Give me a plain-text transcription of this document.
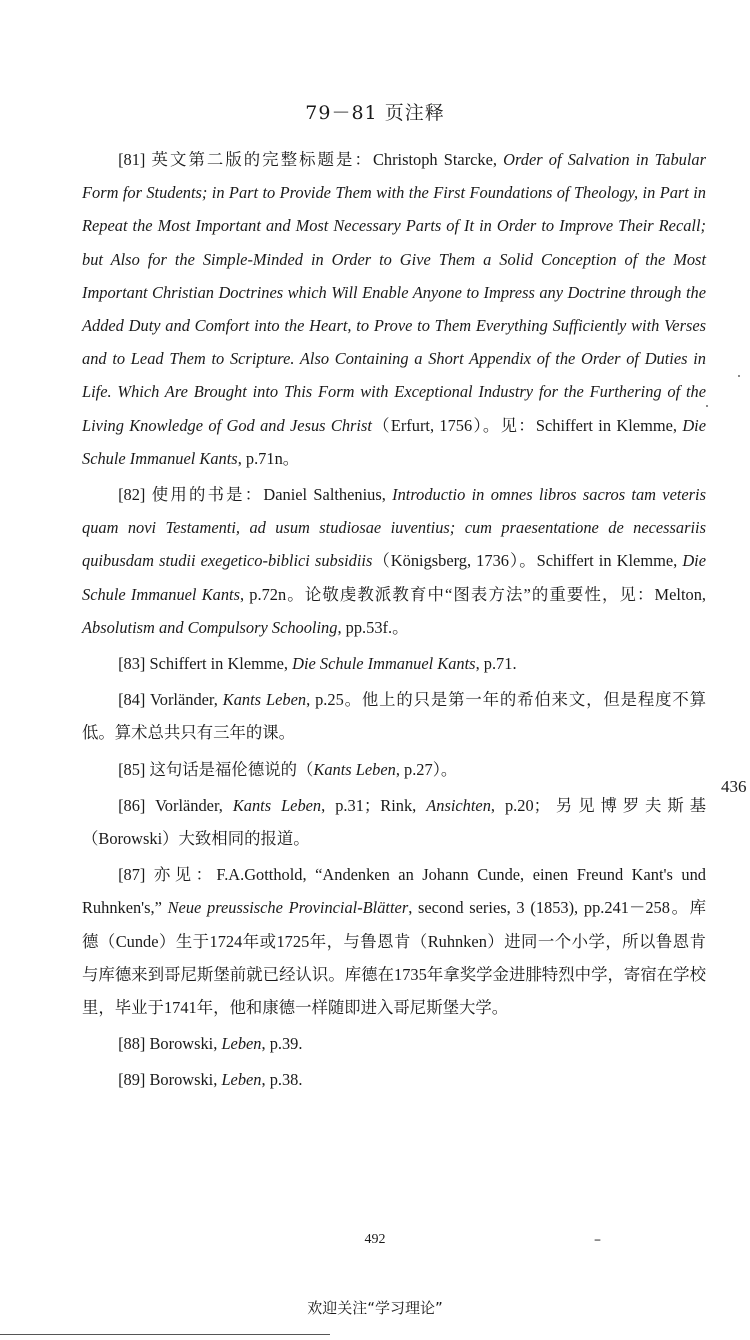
79－81 页注释

[81] 英文第二版的完整标题是：Christoph Starcke, Order of Salvation in Tabular Form for Students; in Part to Provide Them with the First Foundations of Theology, in Part in Repeat the Most Important and Most Necessary Parts of It in Order to Improve Their Recall; but Also for the Simple-Minded in Order to Give Them a Solid Conception of the Most Important Christian Doctrines which Will Enable Anyone to Impress any Doctrine through the Added Duty and Comfort into the Heart, to Prove to Them Everything Sufficiently with Verses and to Lead Them to Scripture. Also Containing a Short Appendix of the Order of Duties in Life. Which Are Brought into This Form with Exceptional Industry for the Furthering of the Living Knowledge of God and Jesus Christ（Erfurt, 1756）。见：Schiffert in Klemme, Die Schule Immanuel Kants, p.71n。

[82] 使用的书是：Daniel Salthenius, Introductio in omnes libros sacros tam veteris quam novi Testamenti, ad usum studiosae iuventius; cum praesentatione de necessariis quibusdam studii exegetico-biblici subsidiis（Königsberg, 1736）。Schiffert in Klemme, Die Schule Immanuel Kants, p.72n。论敬虔教派教育中“图表方法”的重要性，见：Melton, Absolutism and Compulsory Schooling, pp.53f.。

[83] Schiffert in Klemme, Die Schule Immanuel Kants, p.71.

[84] Vorländer, Kants Leben, p.25。他上的只是第一年的希伯来文，但是程度不算低。算术总共只有三年的课。

[85] 这句话是福伦德说的（Kants Leben, p.27）。

[86] Vorländer, Kants Leben, p.31；Rink, Ansichten, p.20；另见博罗夫斯基（Borowski）大致相同的报道。

[87] 亦见：F.A.Gotthold, “Andenken an Johann Cunde, einen Freund Kant's und Ruhnken's,” Neue preussische Provincial-Blätter, second series, 3 (1853), pp.241－258。库德（Cunde）生于1724年或1725年，与鲁恩肯（Ruhnken）进同一个小学，所以鲁恩肯与库德来到哥尼斯堡前就已经认识。库德在1735年拿奖学金进腓特烈中学，寄宿在学校里，毕业于1741年，他和康德一样随即进入哥尼斯堡大学。

[88] Borowski, Leben, p.39.

[89] Borowski, Leben, p.38.

436
492	–
欢迎关注“学习理论”
